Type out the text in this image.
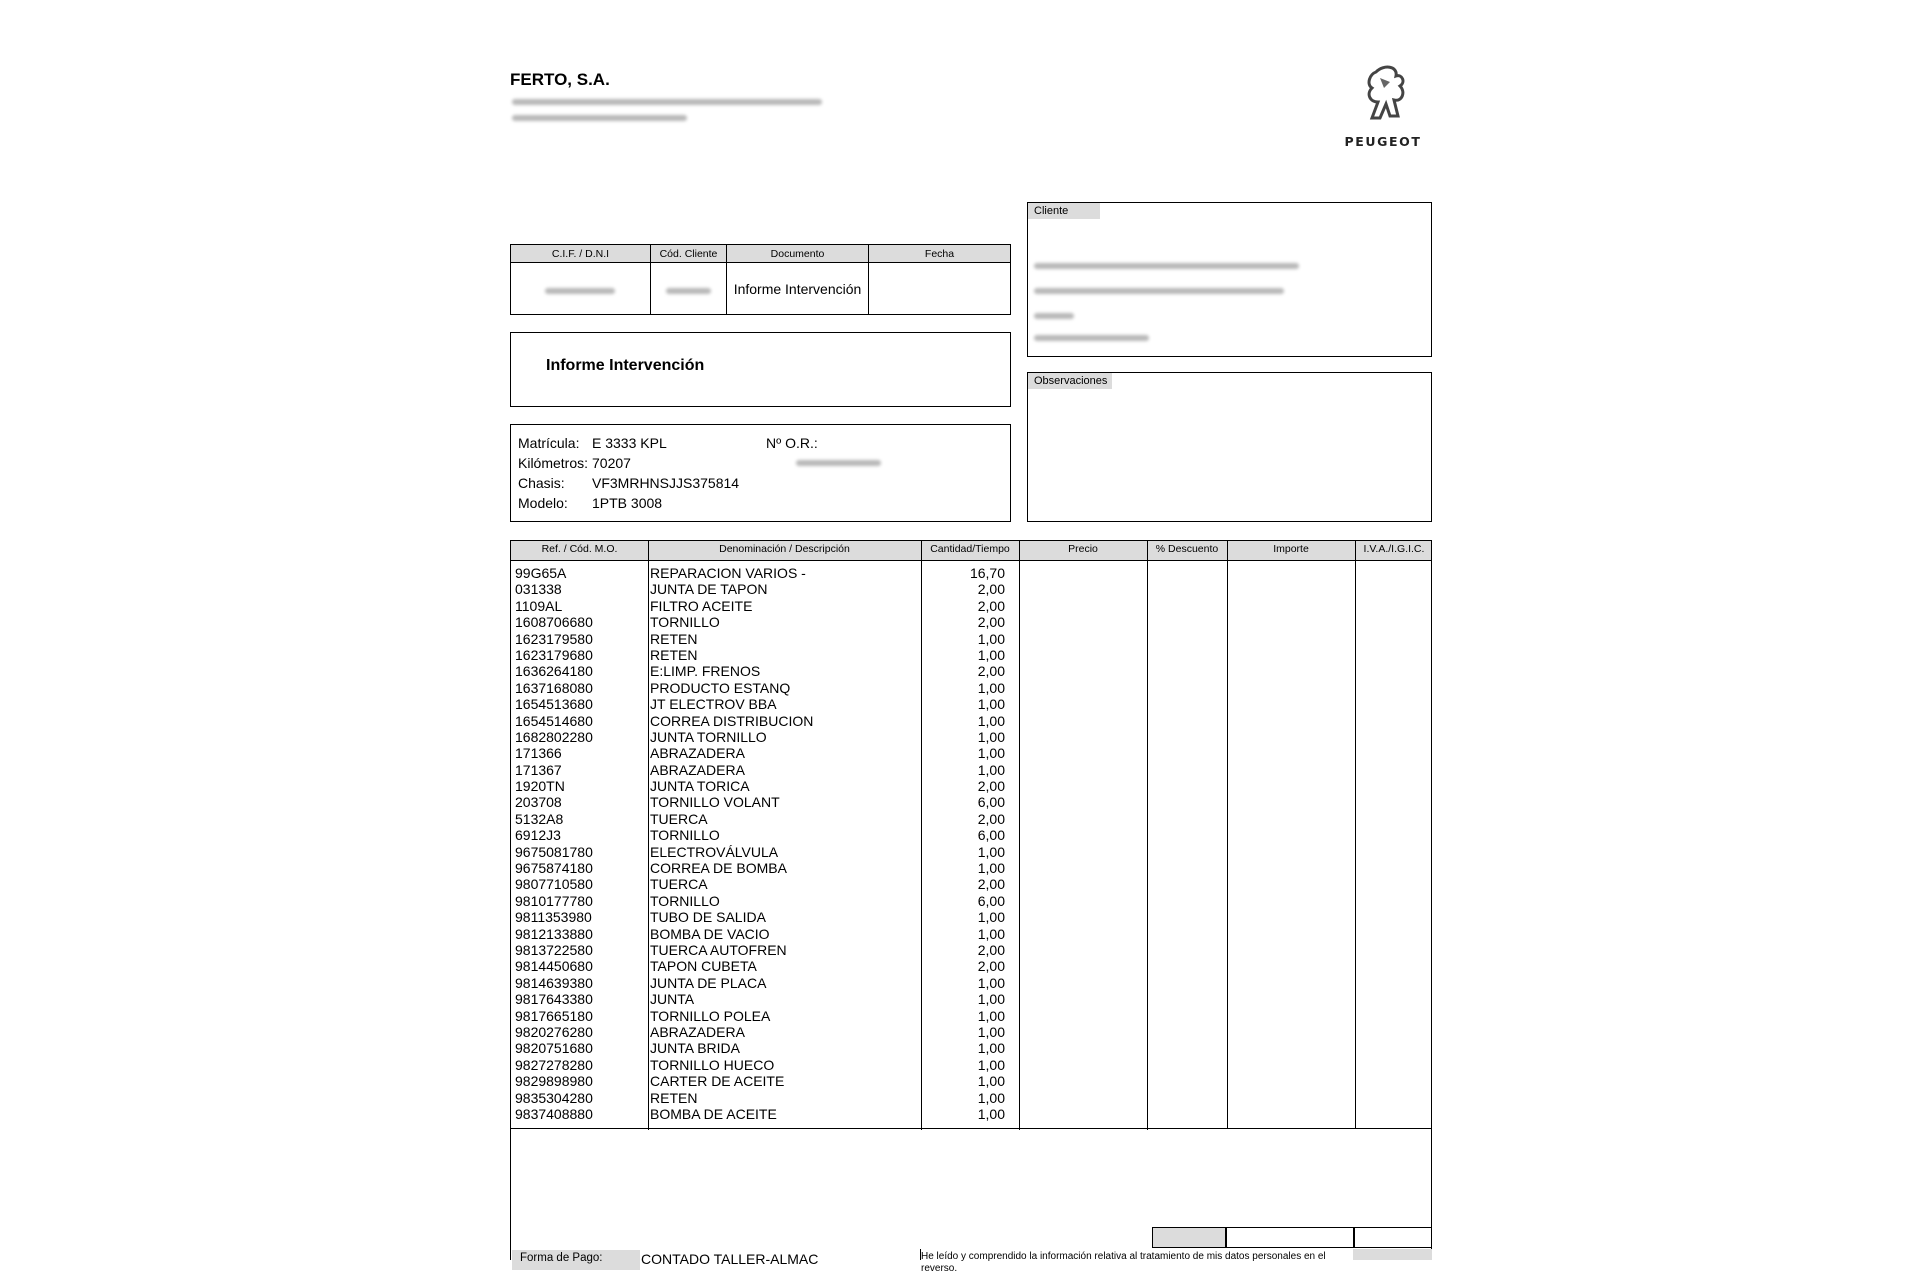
FERTO, S.A.
PEUGEOT
C.I.F. / D.N.I	Cód. Cliente	Documento	Fecha
		Informe Intervención	
Informe Intervención
Matrícula: E 3333 KPL
Kilómetros: 70207
Chasis: VF3MRHNSJJS375814
Modelo: 1PTB 3008
Nº O.R.:
Cliente
Observaciones
Ref. / Cód. M.O.	Denominación / Descripción	Cantidad/Tiempo	Precio	% Descuento	Importe	I.V.A./I.G.I.C.
99G65A	REPARACION VARIOS -	16,70
031338	JUNTA DE TAPON	2,00
1109AL	FILTRO ACEITE	2,00
1608706680	TORNILLO	2,00
1623179580	RETEN	1,00
1623179680	RETEN	1,00
1636264180	E:LIMP. FRENOS	2,00
1637168080	PRODUCTO ESTANQ	1,00
1654513680	JT ELECTROV BBA	1,00
1654514680	CORREA DISTRIBUCION	1,00
1682802280	JUNTA TORNILLO	1,00
171366	ABRAZADERA	1,00
171367	ABRAZADERA	1,00
1920TN	JUNTA TORICA	2,00
203708	TORNILLO VOLANT	6,00
5132A8	TUERCA	2,00
6912J3	TORNILLO	6,00
9675081780	ELECTROVÁLVULA	1,00
9675874180	CORREA DE BOMBA	1,00
9807710580	TUERCA	2,00
9810177780	TORNILLO	6,00
9811353980	TUBO DE SALIDA	1,00
9812133880	BOMBA DE VACIO	1,00
9813722580	TUERCA AUTOFREN	2,00
9814450680	TAPON CUBETA	2,00
9814639380	JUNTA DE PLACA	1,00
9817643380	JUNTA	1,00
9817665180	TORNILLO POLEA	1,00
9820276280	ABRAZADERA	1,00
9820751680	JUNTA BRIDA	1,00
9827278280	TORNILLO HUECO	1,00
9829898980	CARTER DE ACEITE	1,00
9835304280	RETEN	1,00
9837408880	BOMBA DE ACEITE	1,00
Forma de Pago:	CONTADO TALLER-ALMAC	He leído y comprendido la información relativa al tratamiento de mis datos personales en el reverso.
